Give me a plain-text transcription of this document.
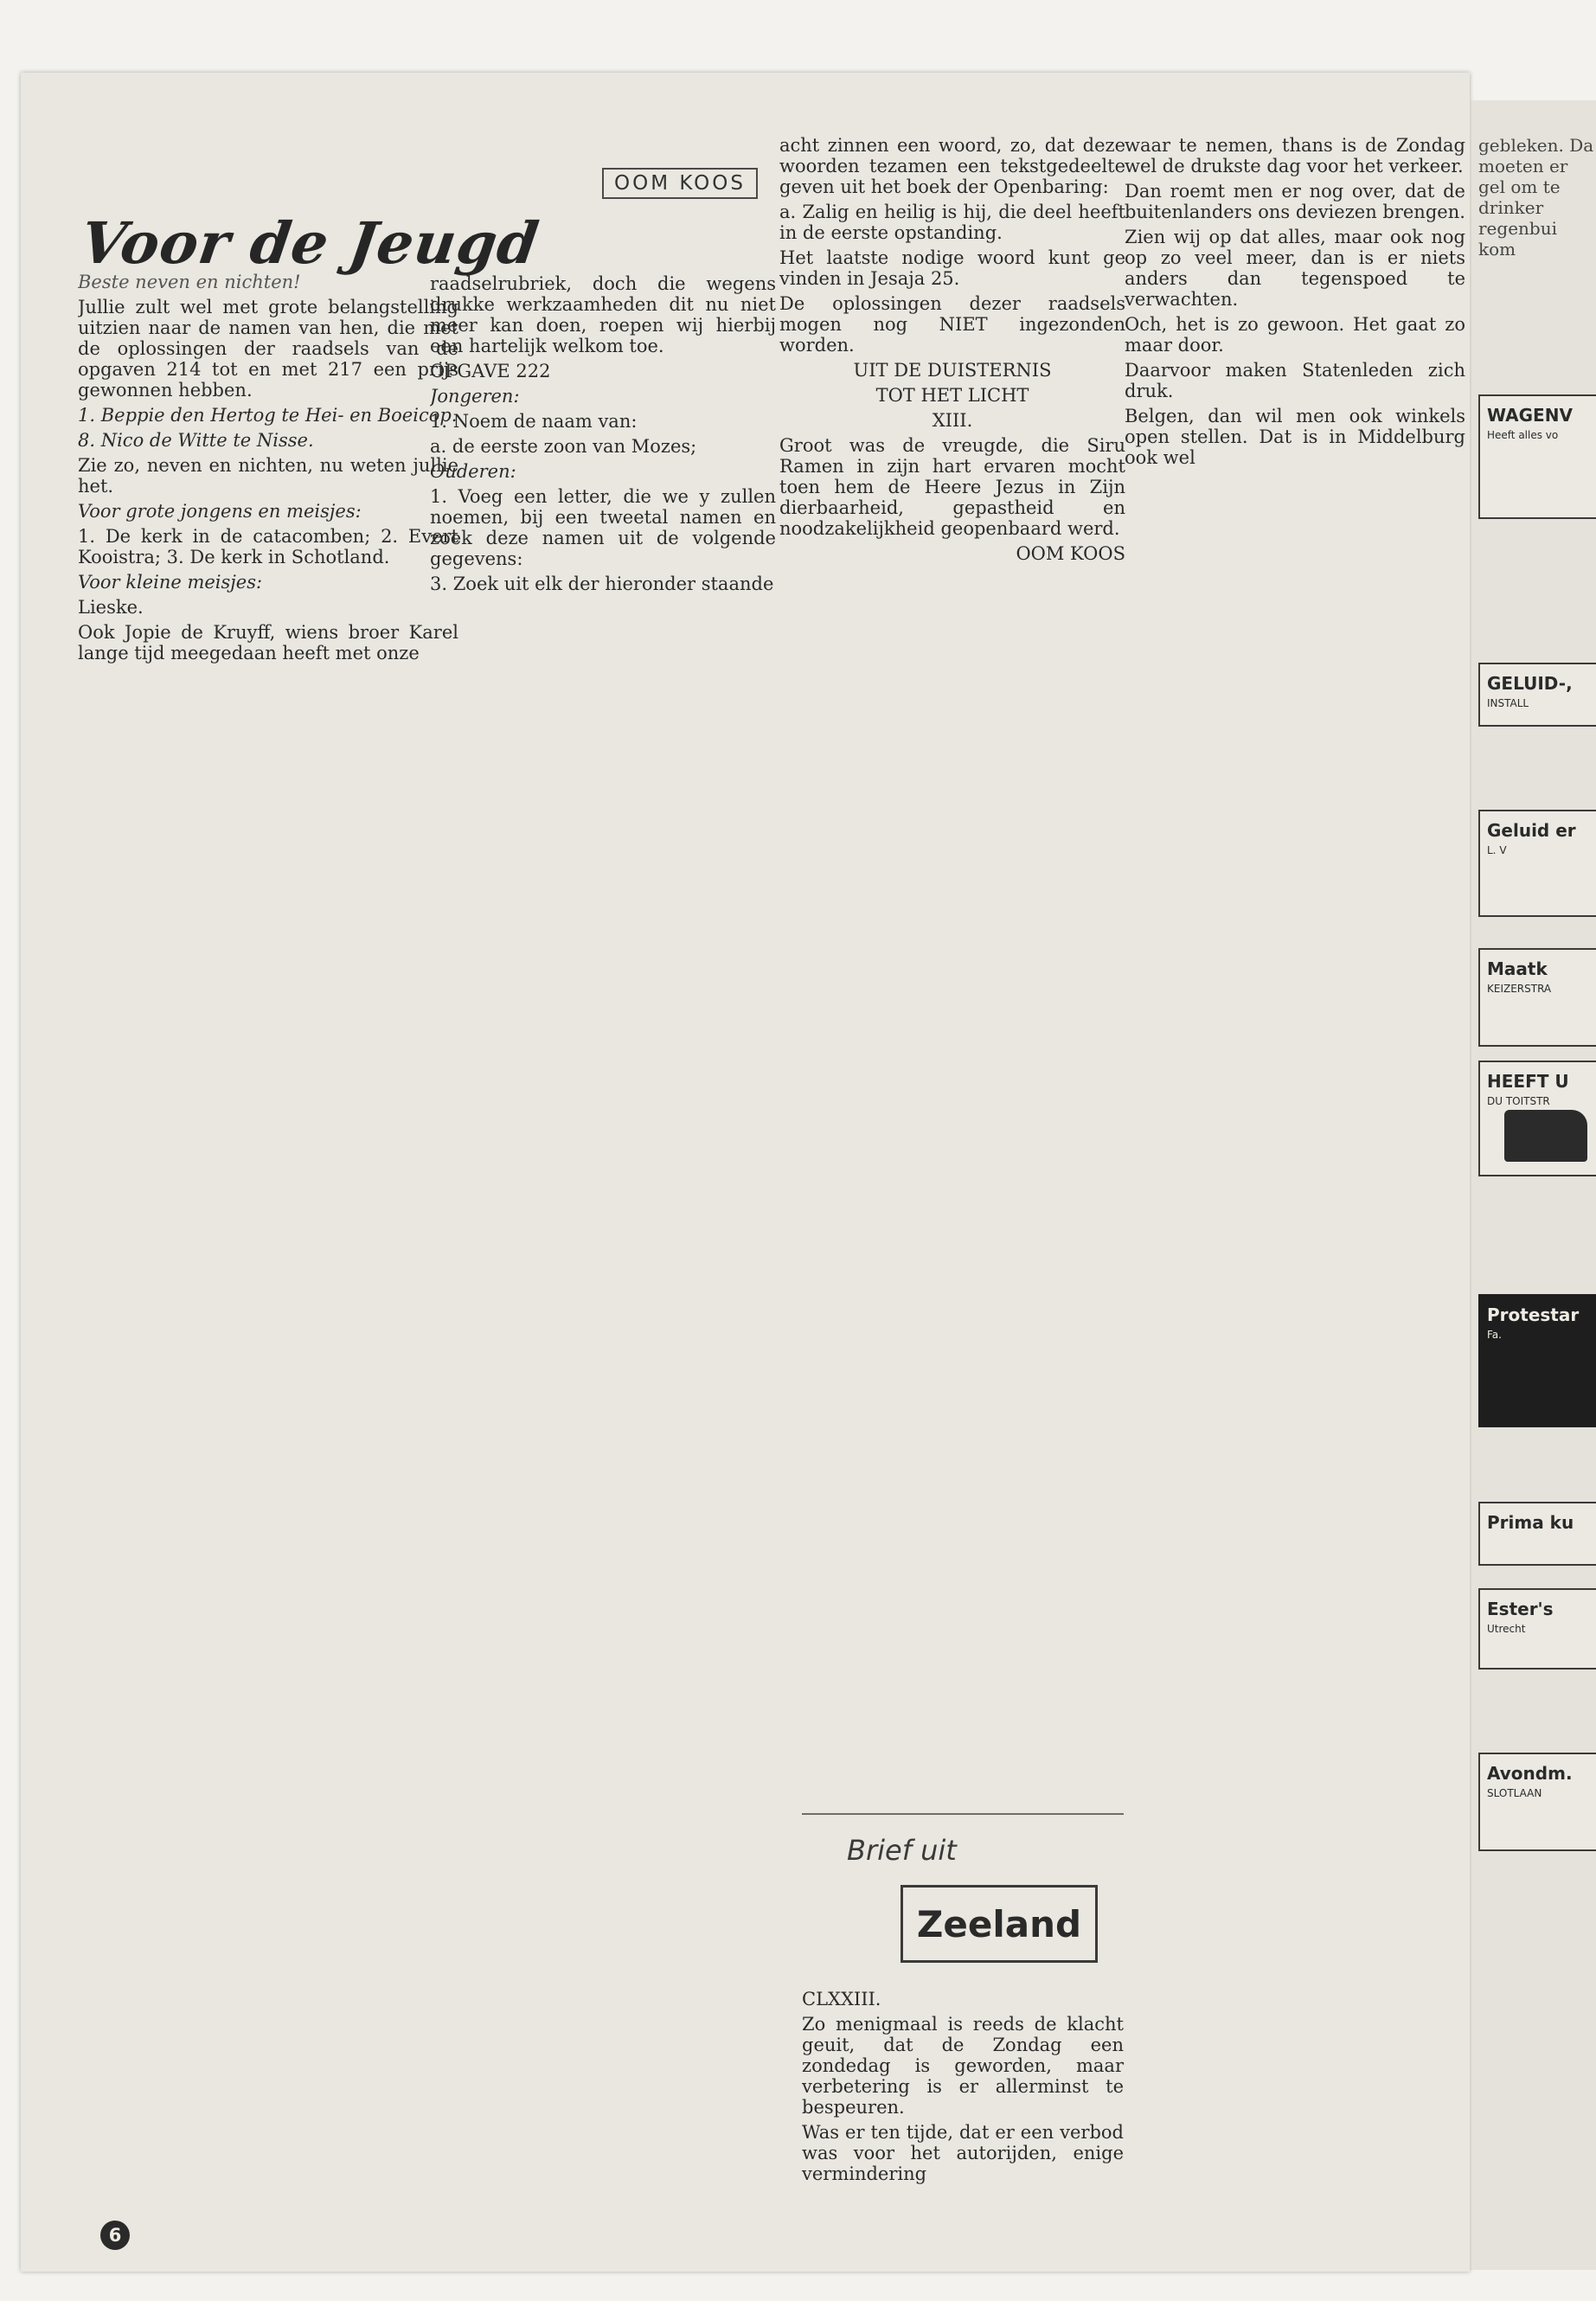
OOM KOOS
Voor de Jeugd

Beste neven en nichten!

Jullie zult wel met grote belangstelling uitzien naar de namen van hen, die met de oplossingen der raadsels van de opgaven 214 tot en met 217 een prijs gewonnen hebben.

1. Beppie den Hertog te Hei- en Boeicop.

8. Nico de Witte te Nisse.

Zie zo, neven en nichten, nu weten jullie het.

Voor grote jongens en meisjes:

1. De kerk in de catacomben; 2. Evert Kooistra; 3. De kerk in Schotland.

Voor kleine meisjes:

Lieske.

Ook Jopie de Kruyff, wiens broer Karel lange tijd meegedaan heeft met onze

raadselrubriek, doch die wegens drukke werkzaamheden dit nu niet meer kan doen, roepen wij hierbij een hartelijk welkom toe.

OPGAVE 222

Jongeren:

1. Noem de naam van:

a. de eerste zoon van Mozes;

Ouderen:

1. Voeg een letter, die we y zullen noemen, bij een tweetal namen en zoek deze namen uit de volgende gegevens:

3. Zoek uit elk der hieronder staande

acht zinnen een woord, zo, dat deze woorden tezamen een tekstgedeelte geven uit het boek der Openbaring:

a. Zalig en heilig is hij, die deel heeft in de eerste opstanding.

Het laatste nodige woord kunt ge vinden in Jesaja 25.

De oplossingen dezer raadsels mogen nog NIET ingezonden worden.

UIT DE DUISTERNIS

TOT HET LICHT

XIII.

Groot was de vreugde, die Siru Ramen in zijn hart ervaren mocht toen hem de Heere Jezus in Zijn dierbaarheid, gepastheid en noodzakelijkheid geopenbaard werd.

OOM KOOS

Brief uit
Zeeland

CLXXIII.

Zo menigmaal is reeds de klacht geuit, dat de Zondag een zondedag is geworden, maar verbetering is er allerminst te bespeuren.

Was er ten tijde, dat er een verbod was voor het autorijden, enige vermindering

waar te nemen, thans is de Zondag wel de drukste dag voor het verkeer.

Dan roemt men er nog over, dat de buitenlanders ons deviezen brengen.

Zien wij op dat alles, maar ook nog op zo veel meer, dan is er niets anders dan tegenspoed te verwachten.

Och, het is zo gewoon. Het gaat zo maar door.

Daarvoor maken Statenleden zich druk.

Belgen, dan wil men ook winkels open stellen. Dat is in Middelburg ook wel

6
gebleken. Da moeten er gel om te drinker regenbui kom
WAGENV
Heeft alles vo
GELUID-,
INSTALL
Geluid er
L. V
Maatk
KEIZERSTRA
HEEFT U
DU TOITSTR
Protestar
Fa.
Prima ku
Ester's
Utrecht
Avondm.
SLOTLAAN
